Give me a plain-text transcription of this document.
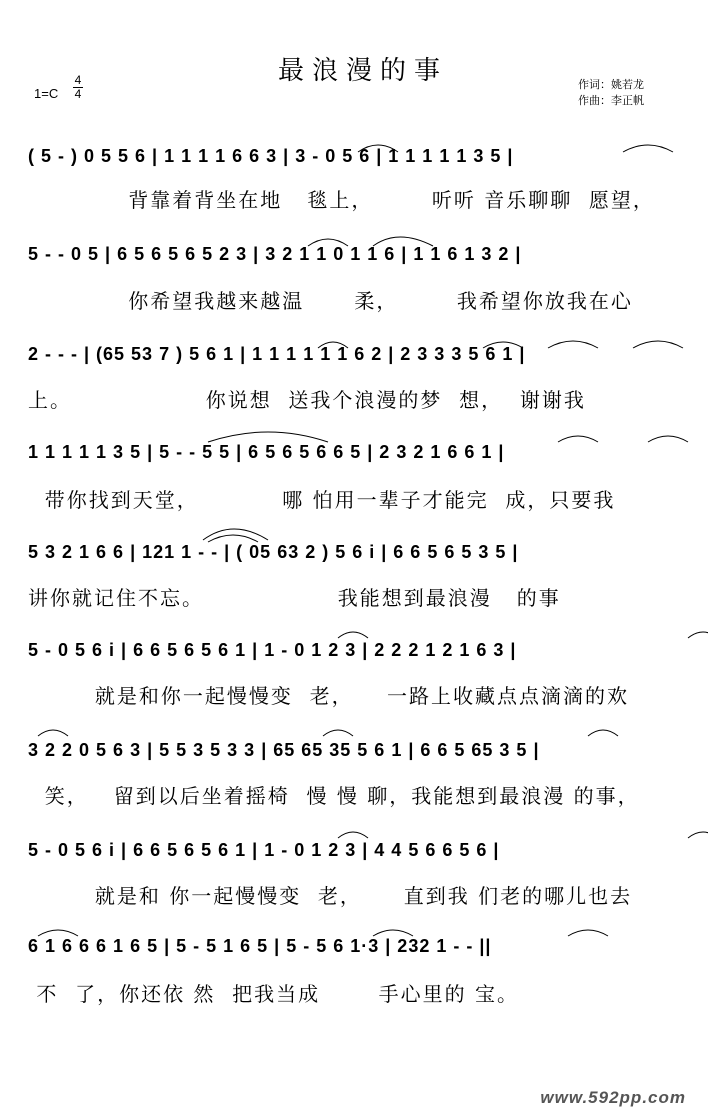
最浪漫的事
1=C
4
4
作词：姚若龙
作曲：李正帆
( 5 - ) 0 5 5 6 | 1 1 1 1 6 6 3 | 3 - 0 5 6 | 1 1 1 1 1 3 5 |
背靠着背坐在地   毯上，       听听 音乐聊聊  愿望，
5 - - 0 5 | 6 5 6 5 6 5 2 3 | 3 2 1 1 0 1 1 6 | 1 1 6 1 3 2 |
你希望我越来越温      柔，       我希望你放我在心
2 - - - | (65 53 7 ) 5 6 1 | 1 1 1 1 1 1 6 2 | 2 3 3 3 5 6 1 |
上。                你说想  送我个浪漫的梦  想，  谢谢我
1 1 1 1 1 3 5 | 5 - - 5 5 | 6 5 6 5 6 6 5 | 2 3 2 1 6 6 1 |
带你找到天堂，          哪 怕用一辈子才能完  成，只要我
5 3 2 1 6 6 | 121 1 - - | ( 05 63 2 ) 5 6 i | 6 6 5 6 5 3 5 |
讲你就记住不忘。                我能想到最浪漫   的事
5 - 0 5 6 i | 6 6 5 6 5 6 1 | 1 - 0 1 2 3 | 2 2 2 1 2 1 6 3 |
就是和你一起慢慢变  老，    一路上收藏点点滴滴的欢
3 2 2 0 5 6 3 | 5 5 3 5 3 3 | 65 65 35 5 6 1 | 6 6 5 65 3 5 |
笑，   留到以后坐着摇椅  慢 慢 聊，我能想到最浪漫 的事，
5 - 0 5 6 i | 6 6 5 6 5 6 1 | 1 - 0 1 2 3 | 4 4 5 6 6 5 6 |
就是和 你一起慢慢变  老，     直到我 们老的哪儿也去
6 1 6 6 6 1 6 5 | 5 - 5 1 6 5 | 5 - 5 6 1·3 | 232 1 - - ||
不  了，你还依 然  把我当成       手心里的 宝。
www.592pp.com
